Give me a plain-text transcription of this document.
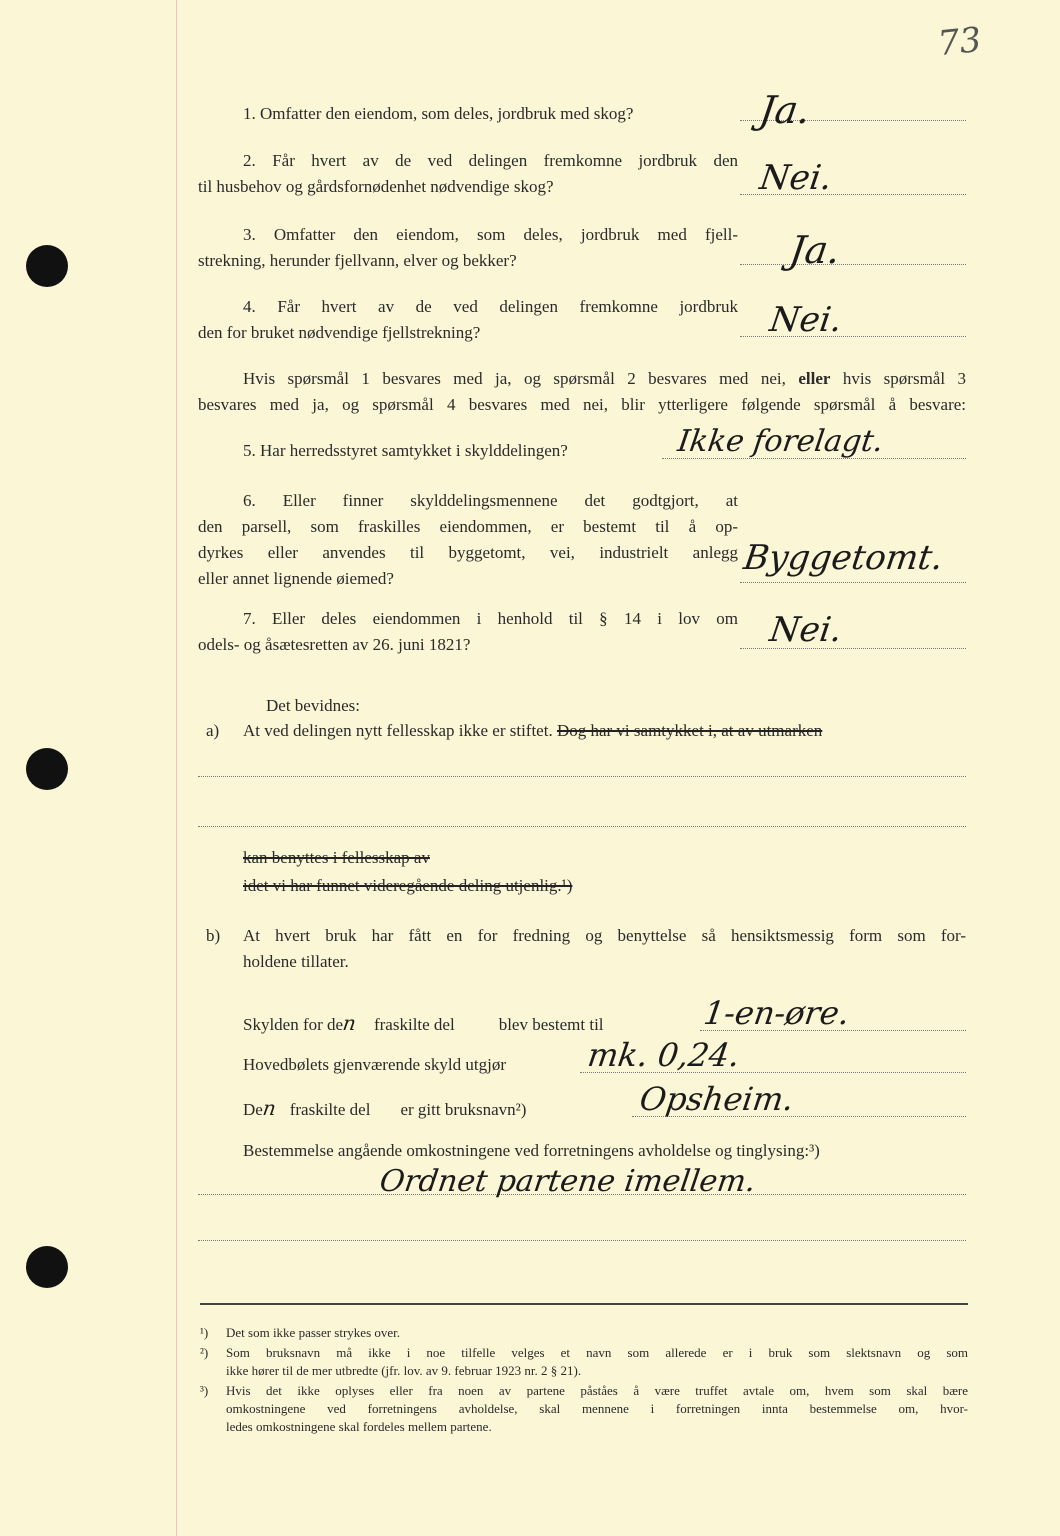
73
1. Omfatter den eiendom, som deles, jordbruk med skog?	Ja.
2. Får hvert av de ved delingen fremkomne jordbruk den
til husbehov og gårdsfornødenhet nødvendige skog?	Nei.
3. Omfatter den eiendom, som deles, jordbruk med fjell-
strekning, herunder fjellvann, elver og bekker?	Ja.
4. Får hvert av de ved delingen fremkomne jordbruk
den for bruket nødvendige fjellstrekning?	Nei.
Hvis spørsmål 1 besvares med ja, og spørsmål 2 besvares med nei, eller hvis spørsmål 3
besvares med ja, og spørsmål 4 besvares med nei, blir ytterligere følgende spørsmål å besvare:
5. Har herredsstyret samtykket i skylddelingen?	Ikke forelagt.
6. Eller finner skylddelingsmennene det godtgjort, at
den parsell, som fraskilles eiendommen, er bestemt til å op-
dyrkes eller anvendes til byggetomt, vei, industrielt anlegg
eller annet lignende øiemed?
Byggetomt.
7. Eller deles eiendommen i henhold til § 14 i lov om
odels- og åsætesretten av 26. juni 1821?	Nei.
Det bevidnes:
a) At ved delingen nytt fellesskap ikke er stiftet. Dog har vi samtykket i, at av utmarken
kan benyttes i fellesskap av
idet vi har funnet videregående deling utjenlig.¹)
b) At hvert bruk har fått en for fredning og benyttelse så hensiktsmessig form som for-
holdene tillater.
Skylden for den fraskilte del	blev bestemt til	1-en-øre.
Hovedbølets gjenværende skyld utgjør mk. 0,24.
Den fraskilte del er gitt bruksnavn²)	Opsheim.
Bestemmelse angående omkostningene ved forretningens avholdelse og tinglysing:³)
Ordnet partene imellem.
¹) Det som ikke passer strykes over.
²) Som bruksnavn må ikke i noe tilfelle velges et navn som allerede er i bruk som slektsnavn og som
ikke hører til de mer utbredte (jfr. lov. av 9. februar 1923 nr. 2 § 21).
³) Hvis det ikke oplyses eller fra noen av partene påståes å være truffet avtale om, hvem som skal bære
omkostningene ved forretningens avholdelse, skal mennene i forretningen innta bestemmelse om, hvor-
ledes omkostningene skal fordeles mellem partene.
